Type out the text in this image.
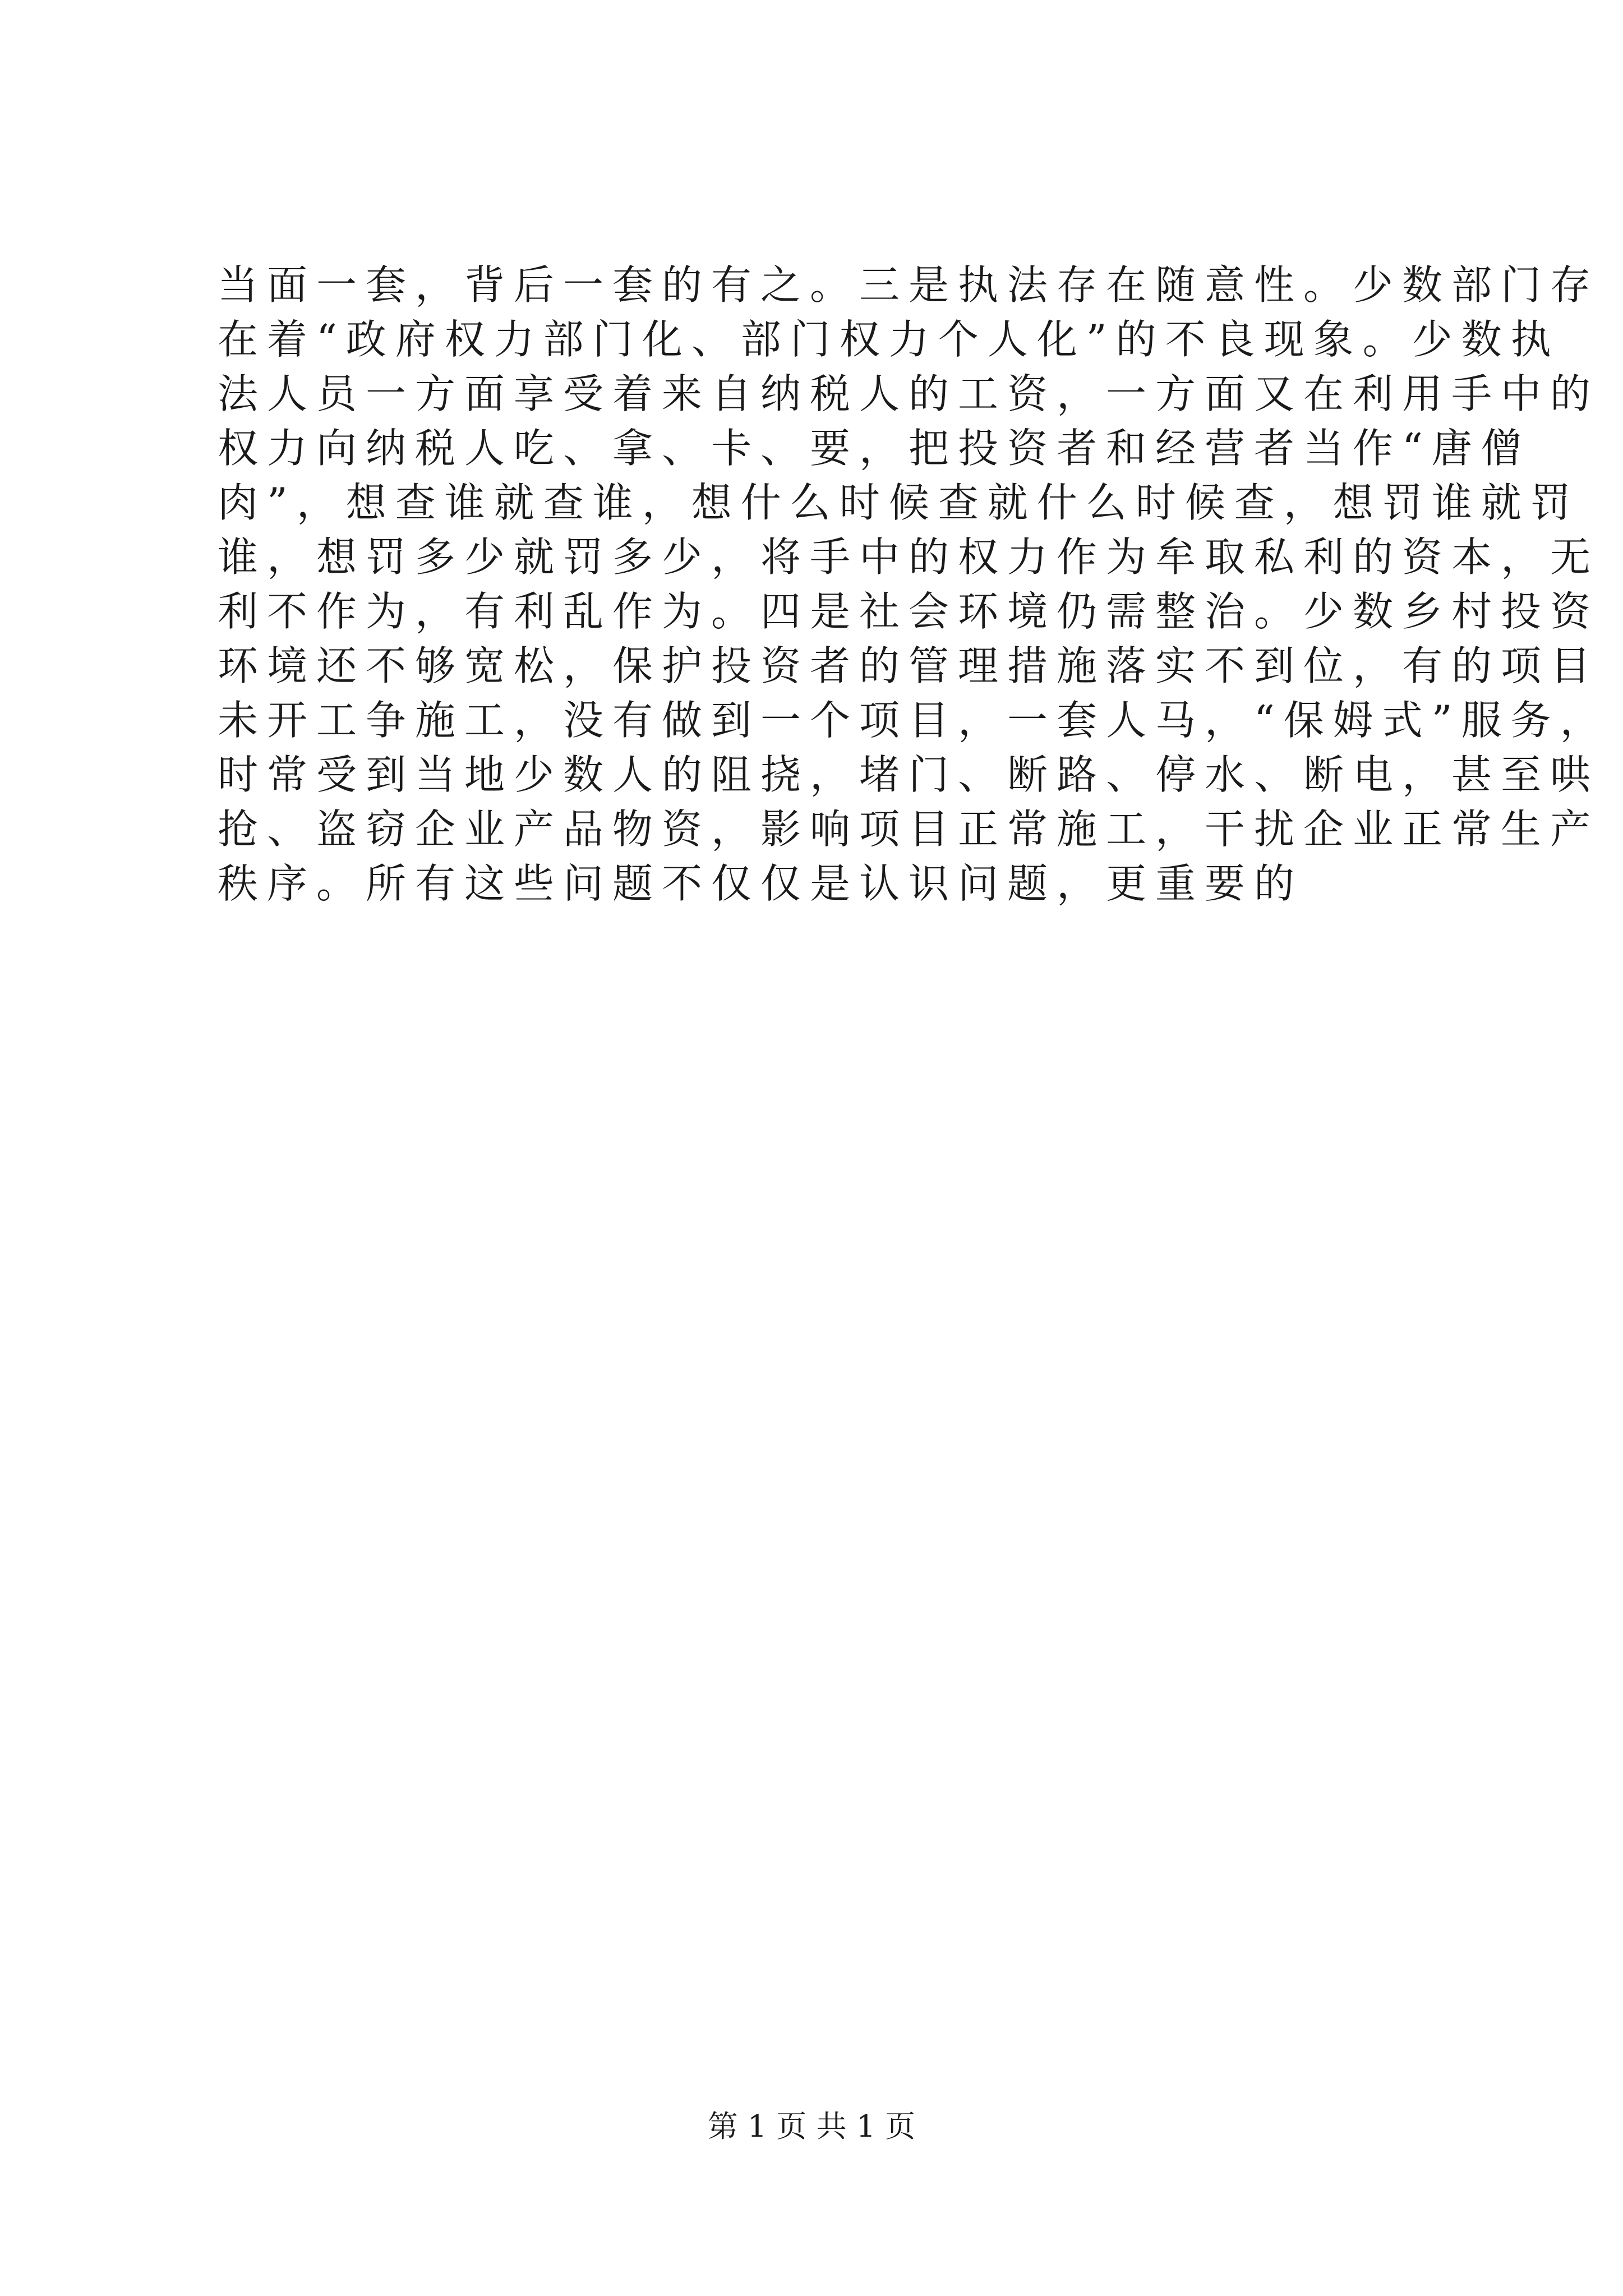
当面一套，背后一套的有之。三是执法存在随意性。少数部门存
在着“政府权力部门化、部门权力个人化”的不良现象。少数执
法人员一方面享受着来自纳税人的工资，一方面又在利用手中的
权力向纳税人吃、拿、卡、要，把投资者和经营者当作“唐僧
肉”，想查谁就查谁，想什么时候查就什么时候查，想罚谁就罚
谁，想罚多少就罚多少，将手中的权力作为牟取私利的资本，无
利不作为，有利乱作为。四是社会环境仍需整治。少数乡村投资
环境还不够宽松，保护投资者的管理措施落实不到位，有的项目
未开工争施工，没有做到一个项目，一套人马，“保姆式”服务，
时常受到当地少数人的阻挠，堵门、断路、停水、断电，甚至哄
抢、盗窃企业产品物资，影响项目正常施工，干扰企业正常生产
秩序。所有这些问题不仅仅是认识问题，更重要的
第 1 页 共 1 页
